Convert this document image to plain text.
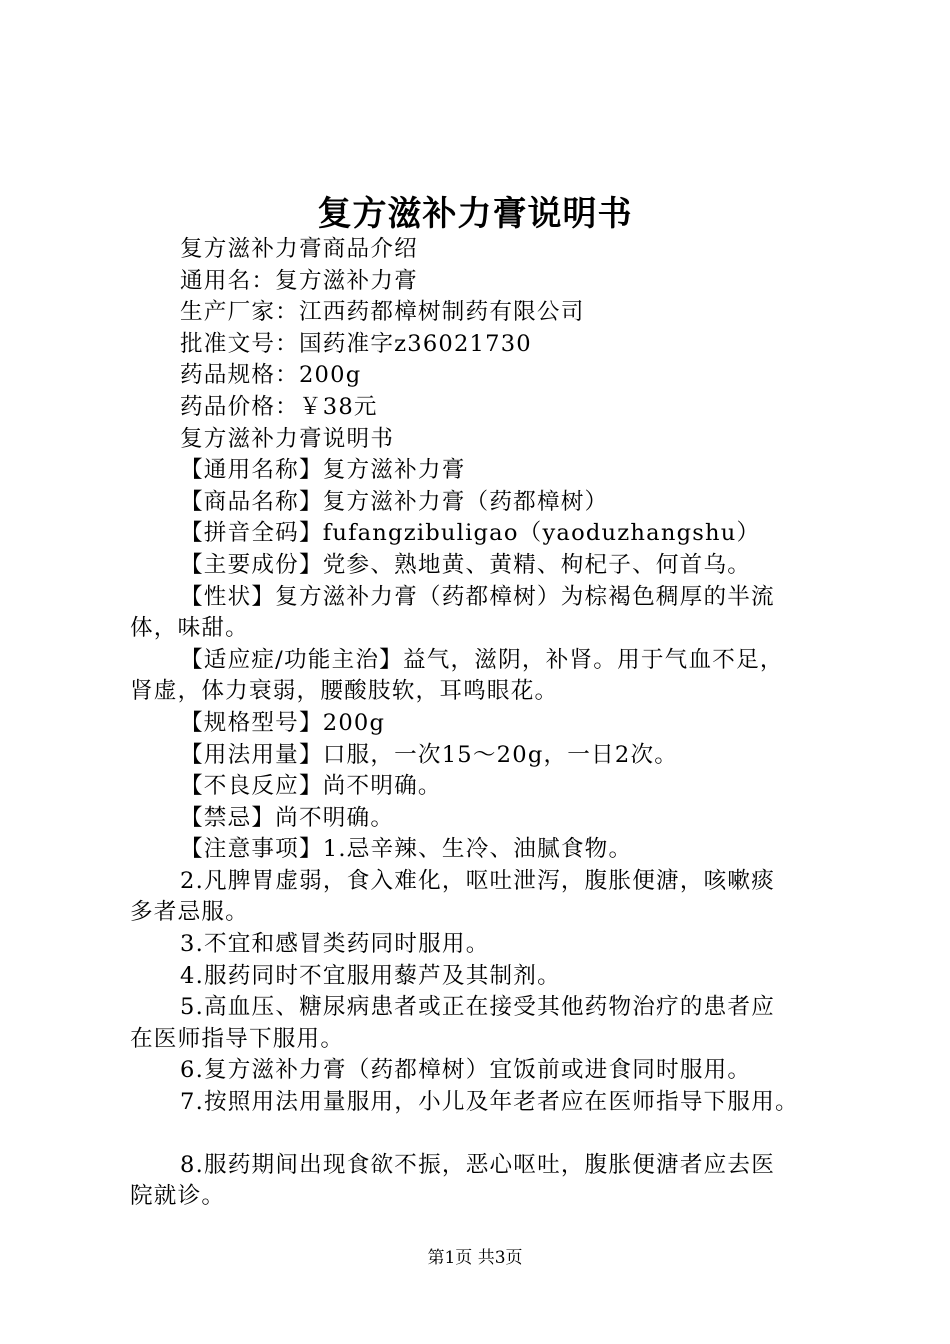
复方滋补力膏说明书
复方滋补力膏商品介绍
通用名：复方滋补力膏
生产厂家：江西药都樟树制药有限公司
批准文号：国药准字z36021730
药品规格：200g
药品价格：￥38元
复方滋补力膏说明书
【通用名称】复方滋补力膏
【商品名称】复方滋补力膏（药都樟树）
【拼音全码】fufangzibuligao（yaoduzhangshu）
【主要成份】党参、熟地黄、黄精、枸杞子、何首乌。
【性状】复方滋补力膏（药都樟树）为棕褐色稠厚的半流
体，味甜。
【适应症/功能主治】益气，滋阴，补肾。用于气血不足，
肾虚，体力衰弱，腰酸肢软，耳鸣眼花。
【规格型号】200g
【用法用量】口服，一次15～20g，一日2次。
【不良反应】尚不明确。
【禁忌】尚不明确。
【注意事项】1.忌辛辣、生冷、油腻食物。
2.凡脾胃虚弱，食入难化，呕吐泄泻，腹胀便溏，咳嗽痰
多者忌服。
3.不宜和感冒类药同时服用。
4.服药同时不宜服用藜芦及其制剂。
5.高血压、糖尿病患者或正在接受其他药物治疗的患者应
在医师指导下服用。
6.复方滋补力膏（药都樟树）宜饭前或进食同时服用。
7.按照用法用量服用，小儿及年老者应在医师指导下服用。
8.服药期间出现食欲不振，恶心呕吐，腹胀便溏者应去医
院就诊。
第1页 共3页
